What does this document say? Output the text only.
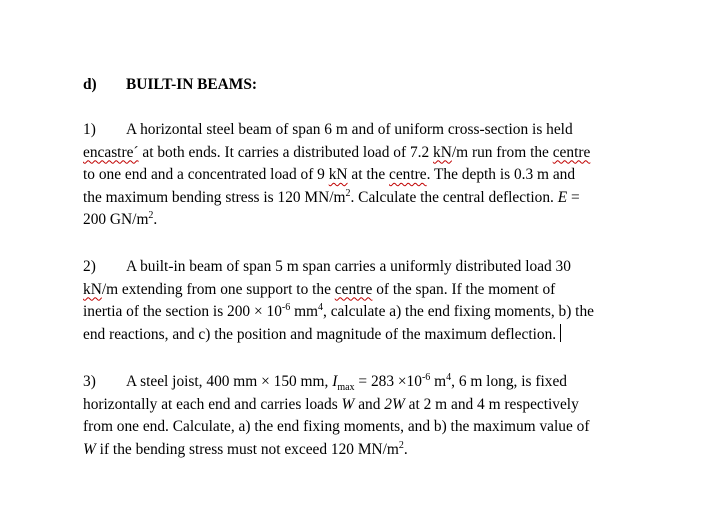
d) BUILT-IN BEAMS:
1) A horizontal steel beam of span 6 m and of uniform cross-section is held
encastre´ at both ends. It carries a distributed load of 7.2 kN/m run from the centre
to one end and a concentrated load of 9 kN at the centre. The depth is 0.3 m and
the maximum bending stress is 120 $MN/m^2$. Calculate the central deflection. E =
200 $GN/m^2$.
2) A built-in beam of span 5 m span carries a uniformly distributed load 30
kN/m extending from one support to the centre of the span. If the moment of
inertia of the section is $200 \times 10^{-6}$ $mm^4$, calculate a) the end fixing moments, b) the
end reactions, and c) the position and magnitude of the maximum deflection.
3) A steel joist, 400 mm × 150 mm, $I_{max} = 283 \times 10^{-6}$ $m^4$, 6 m long, is fixed
horizontally at each end and carries loads W and 2W at 2 m and 4 m respectively
from one end. Calculate, a) the end fixing moments, and b) the maximum value of
W if the bending stress must not exceed 120 $MN/m^2$.
